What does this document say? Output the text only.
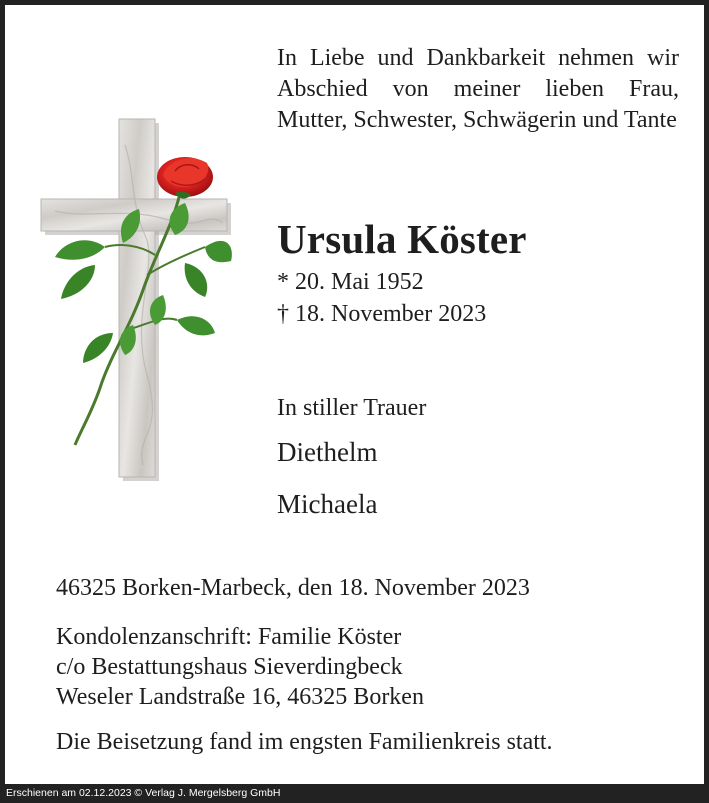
In Liebe und Dankbarkeit nehmen wir Abschied von meiner lieben Frau, Mutter, Schwester, Schwägerin und Tante
Ursula Köster
* 20. Mai 1952
† 18. November 2023
In stiller Trauer
Diethelm
Michaela
46325 Borken-Marbeck, den 18. November 2023
Kondolenzanschrift: Familie Köster
c/o Bestattungshaus Sieverdingbeck
Weseler Landstraße 16, 46325 Borken
Die Beisetzung fand im engsten Familienkreis statt.
Erschienen am 02.12.2023 © Verlag J. Mergelsberg GmbH
